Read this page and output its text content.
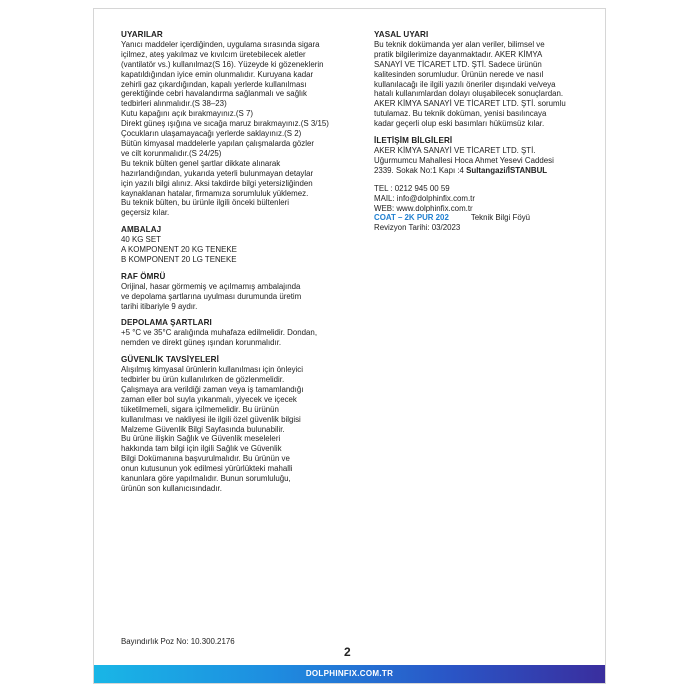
UYARILAR

Yanıcı maddeler içerdiğinden, uygulama sırasında sigara

içilmez, ateş yakılmaz ve kıvılcım üretebilecek aletler

(vantilatör vs.) kullanılmaz(S 16). Yüzeyde ki gözeneklerin

kapatıldığından iyice emin olunmalıdır. Kuruyana kadar

zehirli gaz çıkardığından, kapalı yerlerde kullanılması

gerektiğinde cebri havalandırma sağlanmalı ve sağlık

tedbirleri alınmalıdır.(S 38–23)

Kutu kapağını açık bırakmayınız.(S 7)

Direkt güneş ışığına ve sıcağa maruz bırakmayınız.(S 3/15)

Çocukların ulaşamayacağı yerlerde saklayınız.(S 2)

Bütün kimyasal maddelerle yapılan çalışmalarda gözler

ve cilt korunmalıdır.(S 24/25)

Bu teknik bülten genel şartlar dikkate alınarak

hazırlandığından, yukarıda yeterli bulunmayan detaylar

için yazılı bilgi alınız. Aksi takdirde bilgi yetersizliğinden

kaynaklanan hatalar, firmamıza sorumluluk yüklemez.

Bu teknik bülten, bu ürünle ilgili önceki bültenleri

geçersiz kılar.

AMBALAJ

40 KG SET

A KOMPONENT 20 KG TENEKE

B KOMPONENT 20 LG TENEKE

RAF ÖMRÜ

Orijinal, hasar görmemiş ve açılmamış ambalajında

ve depolama şartlarına uyulması durumunda üretim

tarihi itibariyle 9 aydır.

DEPOLAMA ŞARTLARI

+5 °C ve 35°C aralığında muhafaza edilmelidir. Dondan,

nemden ve direkt güneş ışından korunmalıdır.

GÜVENLİK TAVSİYELERİ

Alışılmış kimyasal ürünlerin kullanılması için önleyici

tedbirler bu ürün kullanılırken de gözlenmelidir.

Çalışmaya ara verildiği zaman veya iş tamamlandığı

zaman eller bol suyla yıkanmalı, yiyecek ve içecek

tüketilmemeli, sigara içilmemelidir. Bu ürünün

kullanılması ve nakliyesi ile ilgili özel güvenlik bilgisi

Malzeme Güvenlik Bilgi Sayfasında bulunabilir.

Bu ürüne ilişkin Sağlık ve Güvenlik meseleleri

hakkında tam bilgi için ilgili Sağlık ve Güvenlik

Bilgi Dokümanına başvurulmalıdır. Bu ürünün ve

onun kutusunun yok edilmesi yürürlükteki mahalli

kanunlara göre yapılmalıdır. Bunun sorumluluğu,

ürünün son kullanıcısındadır.

YASAL UYARI

Bu teknik dokümanda yer alan veriler, bilimsel ve

pratik bilgilerimize dayanmaktadır. AKER KİMYA

SANAYİ VE TİCARET LTD. ŞTİ. Sadece ürünün

kalitesinden sorumludur. Ürünün nerede ve nasıl

kullanılacağı ile ilgili yazılı öneriler dışındaki ve/veya

hatalı kullanımlardan dolayı oluşabilecek sonuçlardan.

AKER KİMYA SANAYİ VE TİCARET LTD. ŞTİ. sorumlu

tutulamaz. Bu teknik doküman, yenisi basılıncaya

kadar geçerli olup eski basımları hükümsüz kılar.

İLETİŞİM BİLGİLERİ

AKER KİMYA SANAYİ VE TİCARET LTD. ŞTİ.

Uğurmumcu Mahallesi Hoca Ahmet Yesevi Caddesi

2339. Sokak No:1 Kapı :4 Sultangazi/İSTANBUL

TEL : 0212 945 00 59

MAIL: info@dolphinfix.com.tr

WEB: www.dolphinfix.com.tr

COAT – 2K PUR 202	Teknik Bilgi Föyü

Revizyon Tarihi: 03/2023

Bayındırlık Poz No: 10.300.2176
2
DOLPHINFIX.COM.TR
